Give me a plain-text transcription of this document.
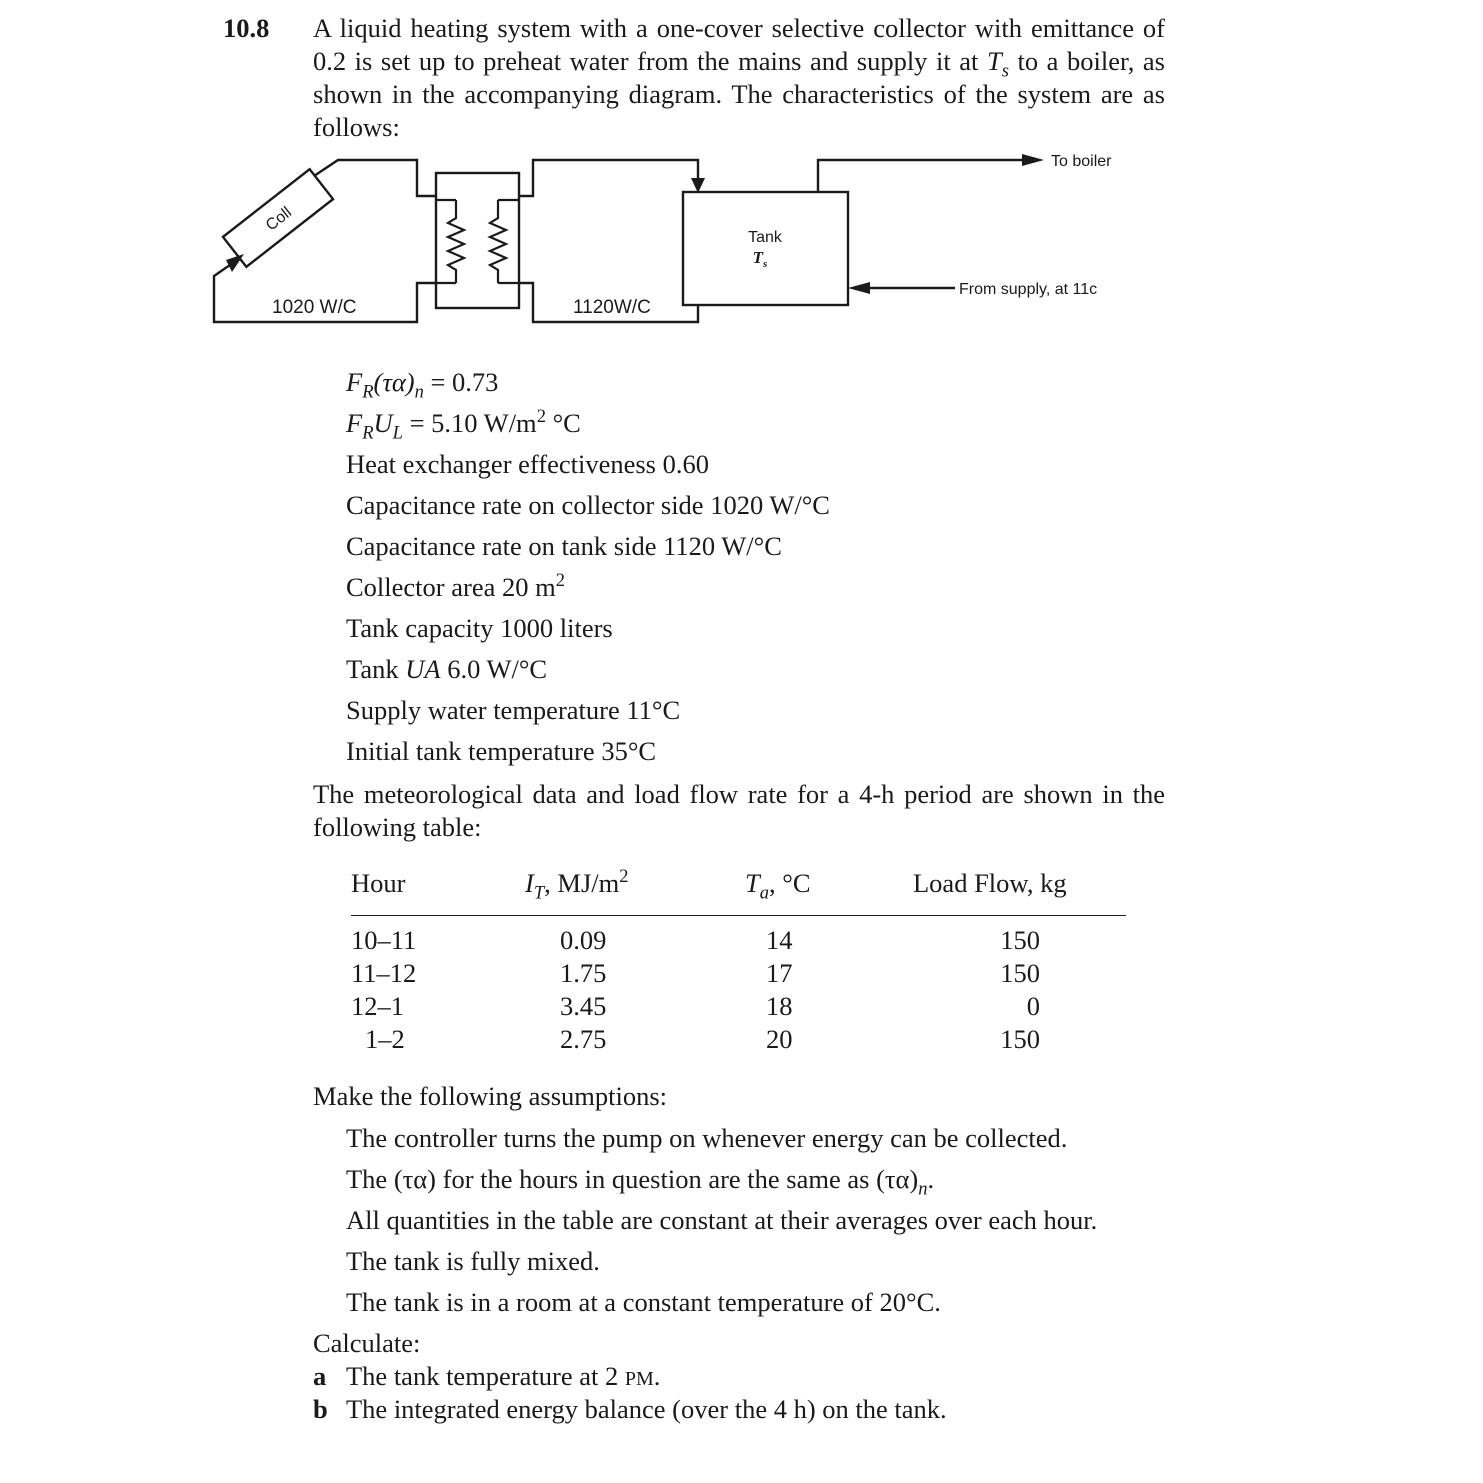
10.8 A liquid heating system with a one-cover selective collector with emittance of
0.2 is set up to preheat water from the mains and supply it at $T_s$ to a boiler, as
shown in the accompanying diagram. The characteristics of the system are as
follows:
Coll
1020 W/C	1120W/C
Tank
$T_s$
To boiler
From supply, at 11c
$F_R(\tau\alpha)_n = 0.73$
$F_RU_L = 5.10$ $W/m^2$ °C
Heat exchanger effectiveness 0.60
Capacitance rate on collector side 1020 W/°C
Capacitance rate on tank side 1120 W/°C
Collector area 20 $m^2$
Tank capacity 1000 liters
Tank UA 6.0 W/°C
Supply water temperature 11°C
Initial tank temperature 35°C
The meteorological data and load flow rate for a 4-h period are shown in the
following table:
Hour	$I_T$, $MJ/m^2$	$T_a$, °C	Load Flow, kg
10–11	0.09	14	150
11–12	1.75	17	150
12–1	3.45	18	0
1–2	2.75	20	150
Make the following assumptions:
The controller turns the pump on whenever energy can be collected.
The (τα) for the hours in question are the same as $(\tau\alpha)_n$.
All quantities in the table are constant at their averages over each hour.
The tank is fully mixed.
The tank is in a room at a constant temperature of 20°C.
Calculate:
a The tank temperature at 2 PM.
b The integrated energy balance (over the 4 h) on the tank.
